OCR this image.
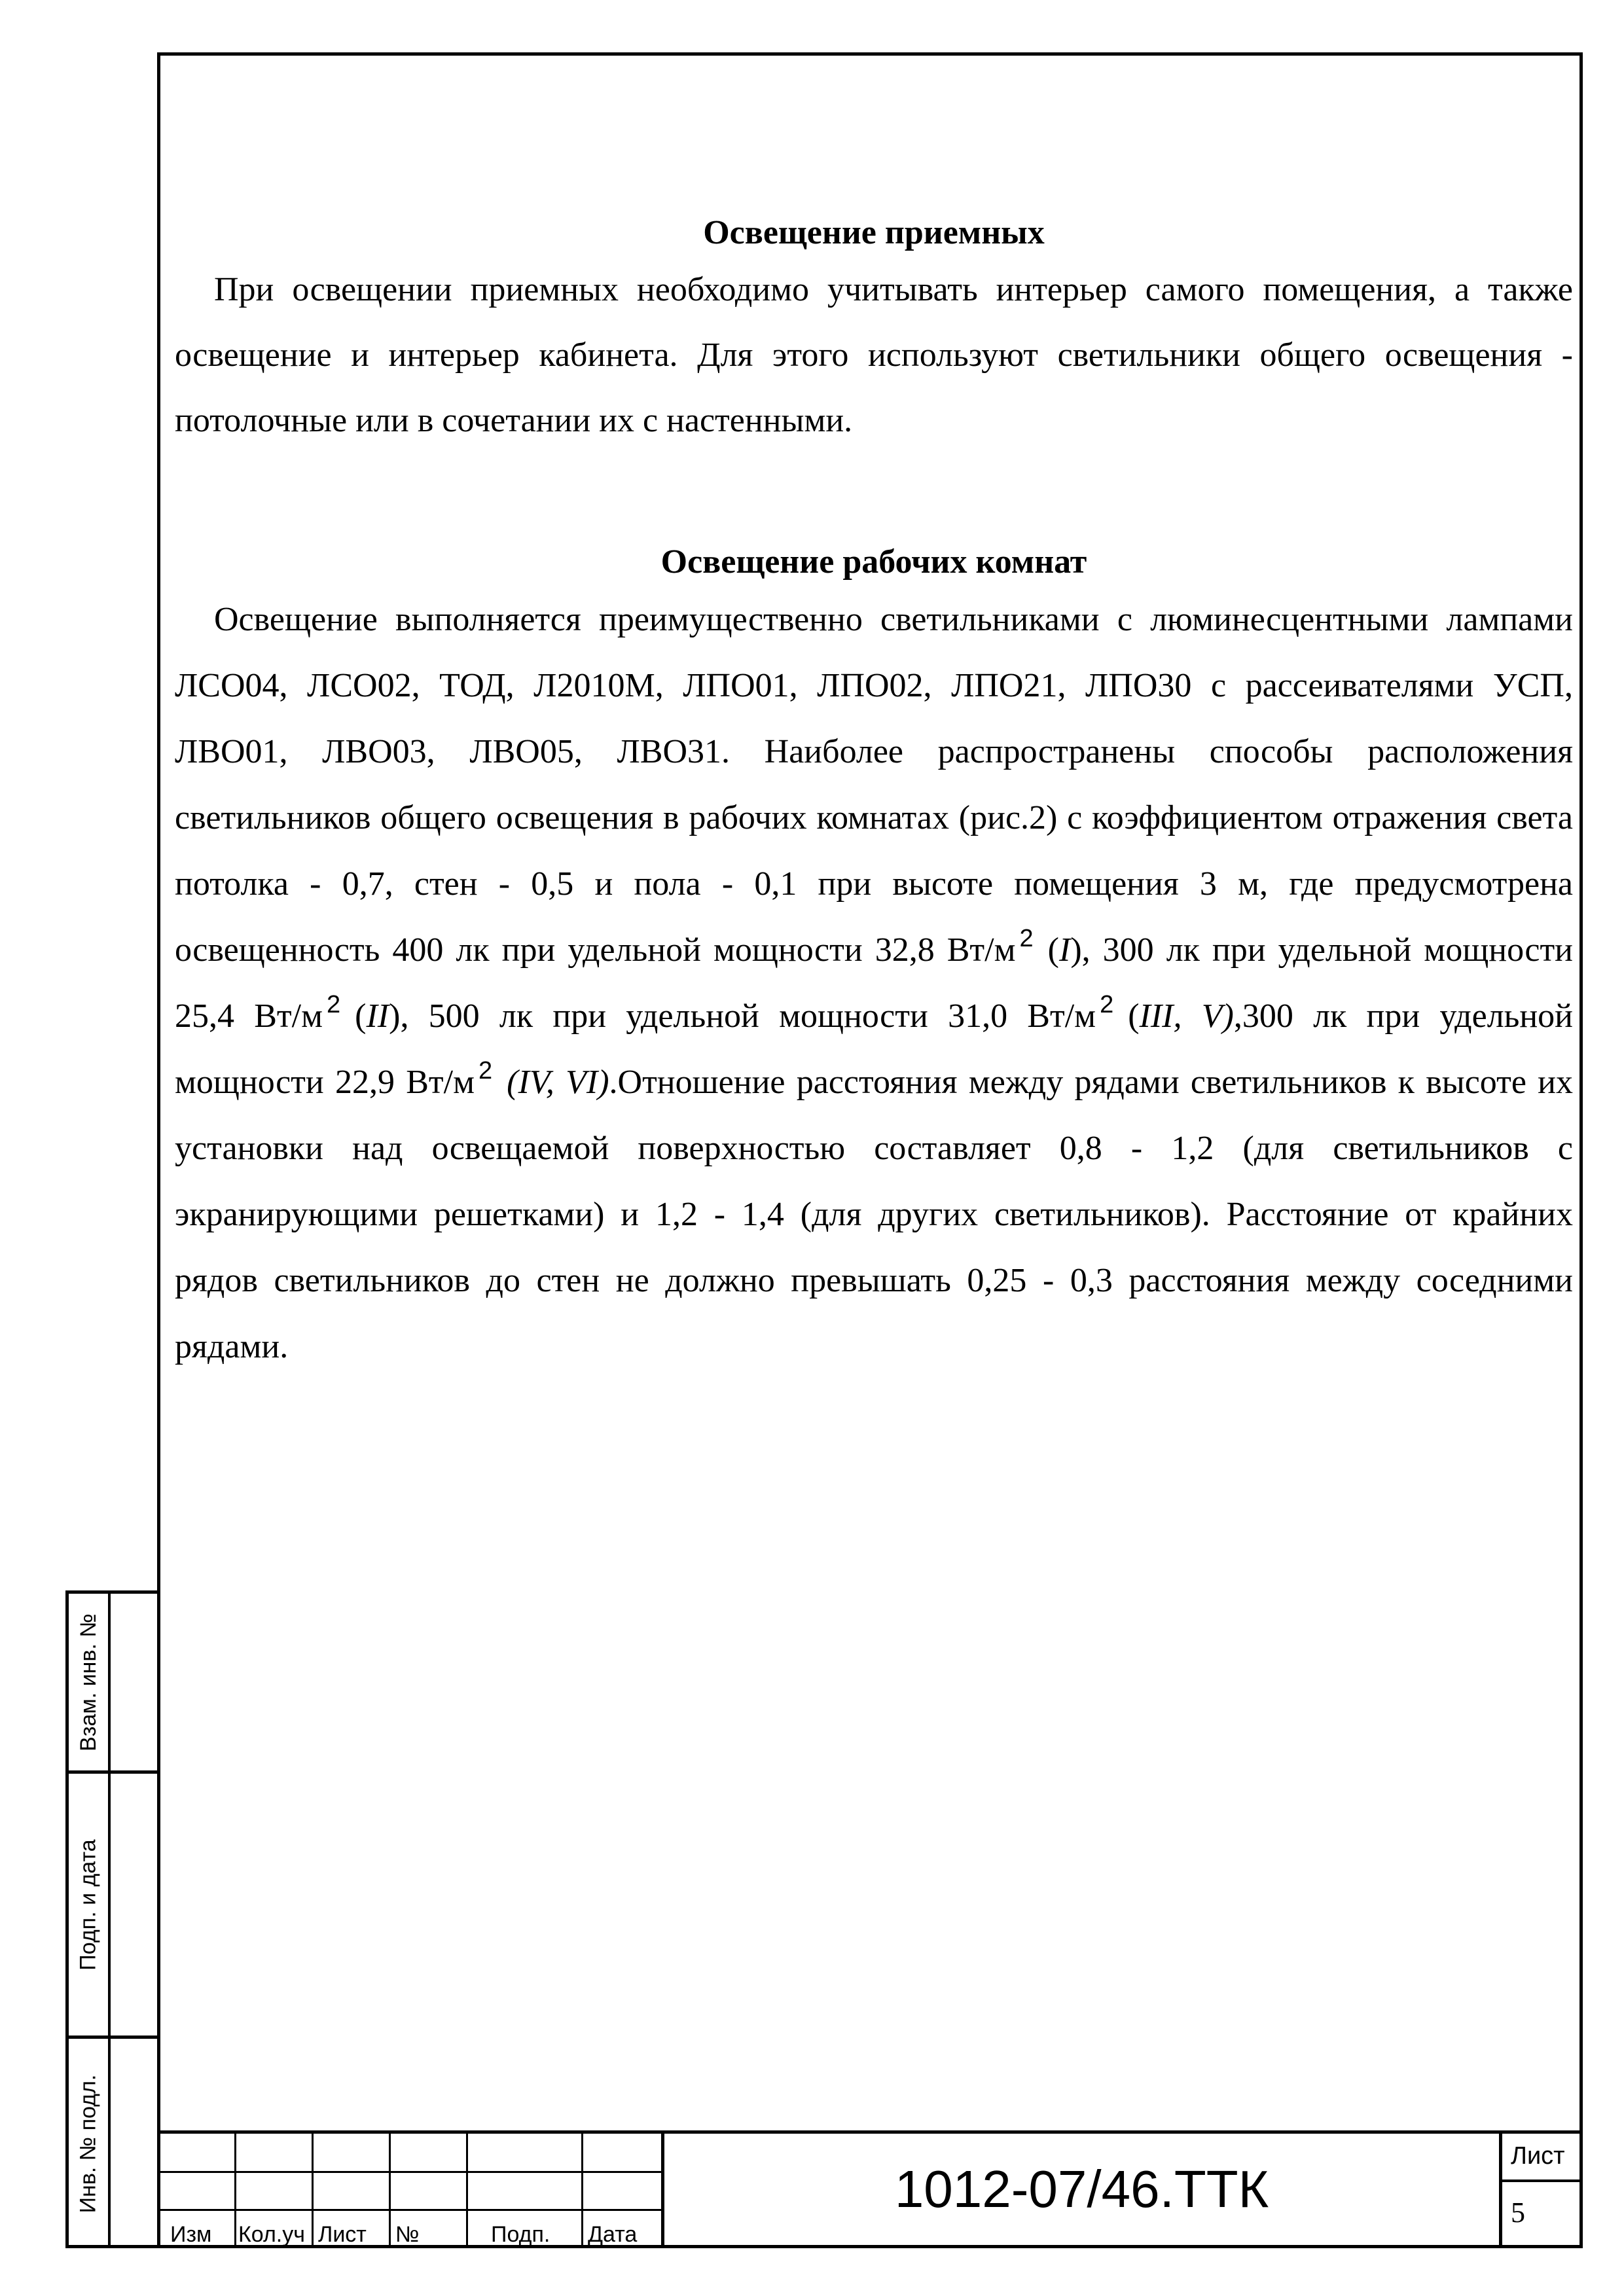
Освещение приемных

При освещении приемных необходимо учитывать интерьер самого помещения, а также освещение и интерьер кабинета. Для этого используют светильники общего освещения - потолочные или в сочетании их с настенными.

Освещение рабочих комнат

Освещение выполняется преимущественно светильниками с люминесцентными лампами ЛСО04, ЛСО02, ТОД, Л2010М, ЛПО01, ЛПО02, ЛПО21, ЛПО30 с рассеивателями УСП, ЛВО01, ЛВО03, ЛВО05, ЛВО31. Наиболее распространены способы расположения светильников общего освещения в рабочих комнатах (рис.2) с коэффициентом отражения света потолка - 0,7, стен - 0,5 и пола - 0,1 при высоте помещения 3 м, где предусмотрена освещенность 400 лк при удельной мощности 32,8 Вт/м $^2$ (I), 300 лк при удельной мощности 25,4 Вт/м $^2$ (II), 500 лк при удельной мощности 31,0 Вт/м $^2$ (III, V),300 лк при удельной мощности 22,9 Вт/м $^2$ (IV, VI).Отношение расстояния между рядами светильников к высоте их установки над освещаемой поверхностью составляет 0,8 - 1,2 (для светильников с экранирующими решетками) и 1,2 - 1,4 (для других светильников). Расстояние от крайних рядов светильников до стен не должно превышать 0,25 - 0,3 расстояния между соседними рядами.

Взам. инв. №
Подп. и дата
Инв. № подл.
Изм Кол.уч Лист №	Подп. Дата
1012-07/46.ТТК
Лист
5
